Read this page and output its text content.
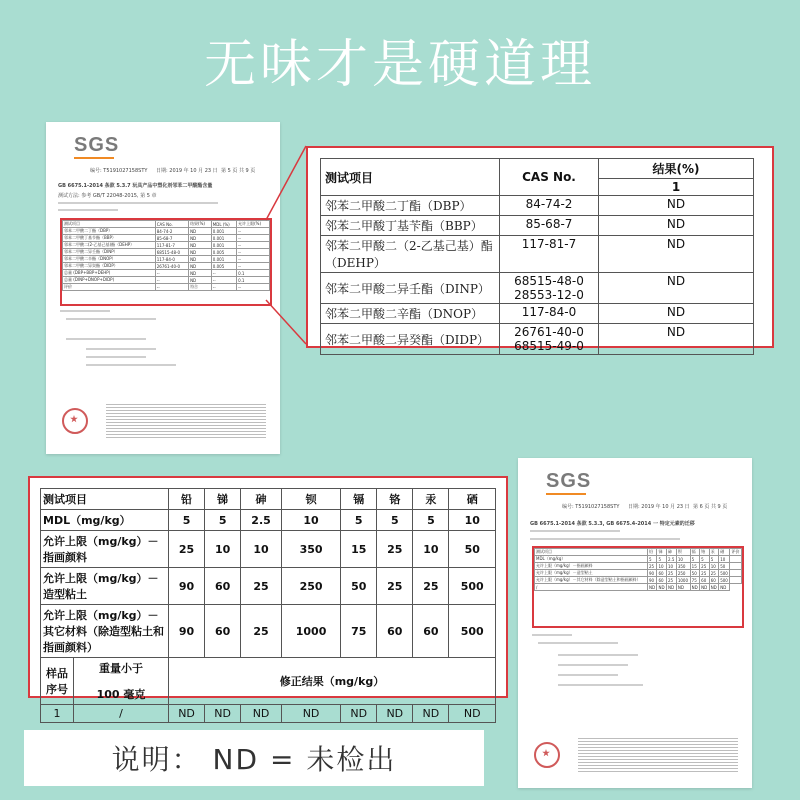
无味才是硬道理
SGS
编号: T5191027158STY 日期: 2019 年 10 月 23 日 第 5 页 共 9 页
GB 6675.1-2014 条款 5.3.7 玩具产品中塑化剂邻苯二甲酸酯含量
测试方法: 参考 GB/T 22048-2015, 第 5 章
测试项目	CAS No.	结果(%)	MDL (%)	允许上限(%)
邻苯二甲酸二丁酯（DBP）	84-74-2	ND	0.001	--
邻苯二甲酸丁基苄酯（BBP）	85-68-7	ND	0.001	--
邻苯二甲酸二(2-乙基己基)酯（DEHP）	117-81-7	ND	0.001	--
邻苯二甲酸二异壬酯（DINP）	68515-48-0	ND	0.005	--
邻苯二甲酸二辛酯（DNOP）	117-84-0	ND	0.001	--
邻苯二甲酸二异癸酯（DIDP）	26761-40-0	ND	0.005	--
总量 (DBP+BBP+DEHP)	--	ND	--	0.1
总量 (DINP+DNOP+DIDP)	--	ND	--	0.1
评价	--	符合	--	--
测试项目	CAS No.	结果(%)
		1
邻苯二甲酸二丁酯（DBP）	84-74-2	ND
邻苯二甲酸丁基苄酯（BBP）	85-68-7	ND
邻苯二甲酸二（2-乙基己基）酯（DEHP）	117-81-7	ND
邻苯二甲酸二异壬酯（DINP）	68515-48-0
28553-12-0	ND
邻苯二甲酸二辛酯（DNOP）	117-84-0	ND
邻苯二甲酸二异癸酯（DIDP）	26761-40-0
68515-49-0	ND
测试项目		铅	锑	砷	钡	镉	铬	汞	硒
MDL（mg/kg）		5	5	2.5	10	5	5	5	10
允许上限（mg/kg）－指画颜料		25	10	10	350	15	25	10	50
允许上限（mg/kg）－造型粘土		90	60	25	250	50	25	25	500
允许上限（mg/kg）－其它材料（除造型粘土和指画颜料）		90	60	25	1000	75	60	60	500
样品序号	重量小于
100 毫克	修正结果（mg/kg）							
1	/	ND	ND	ND	ND	ND	ND	ND	ND
SGS
编号: T5191027158STY 日期: 2019 年 10 月 23 日 第 6 页 共 9 页
GB 6675.1-2014 条款 5.3.3, GB 6675.4-2014 一 特定元素的迁移
测试项目	铅	锑	砷	钡	镉	铬	汞	硒	评价
MDL（mg/kg）	5	5	2.5	10	5	5	5	10	
允许上限（mg/kg）－指画颜料	25	10	10	350	15	25	10	50	
允许上限（mg/kg）－造型粘土	90	60	25	250	50	25	25	500	
允许上限（mg/kg）－其它材料（除造型粘土和指画颜料）	90	60	25	1000	75	60	60	500	
/	ND	ND	ND	ND	ND	ND	ND	ND	
说明： ND = 未检出
